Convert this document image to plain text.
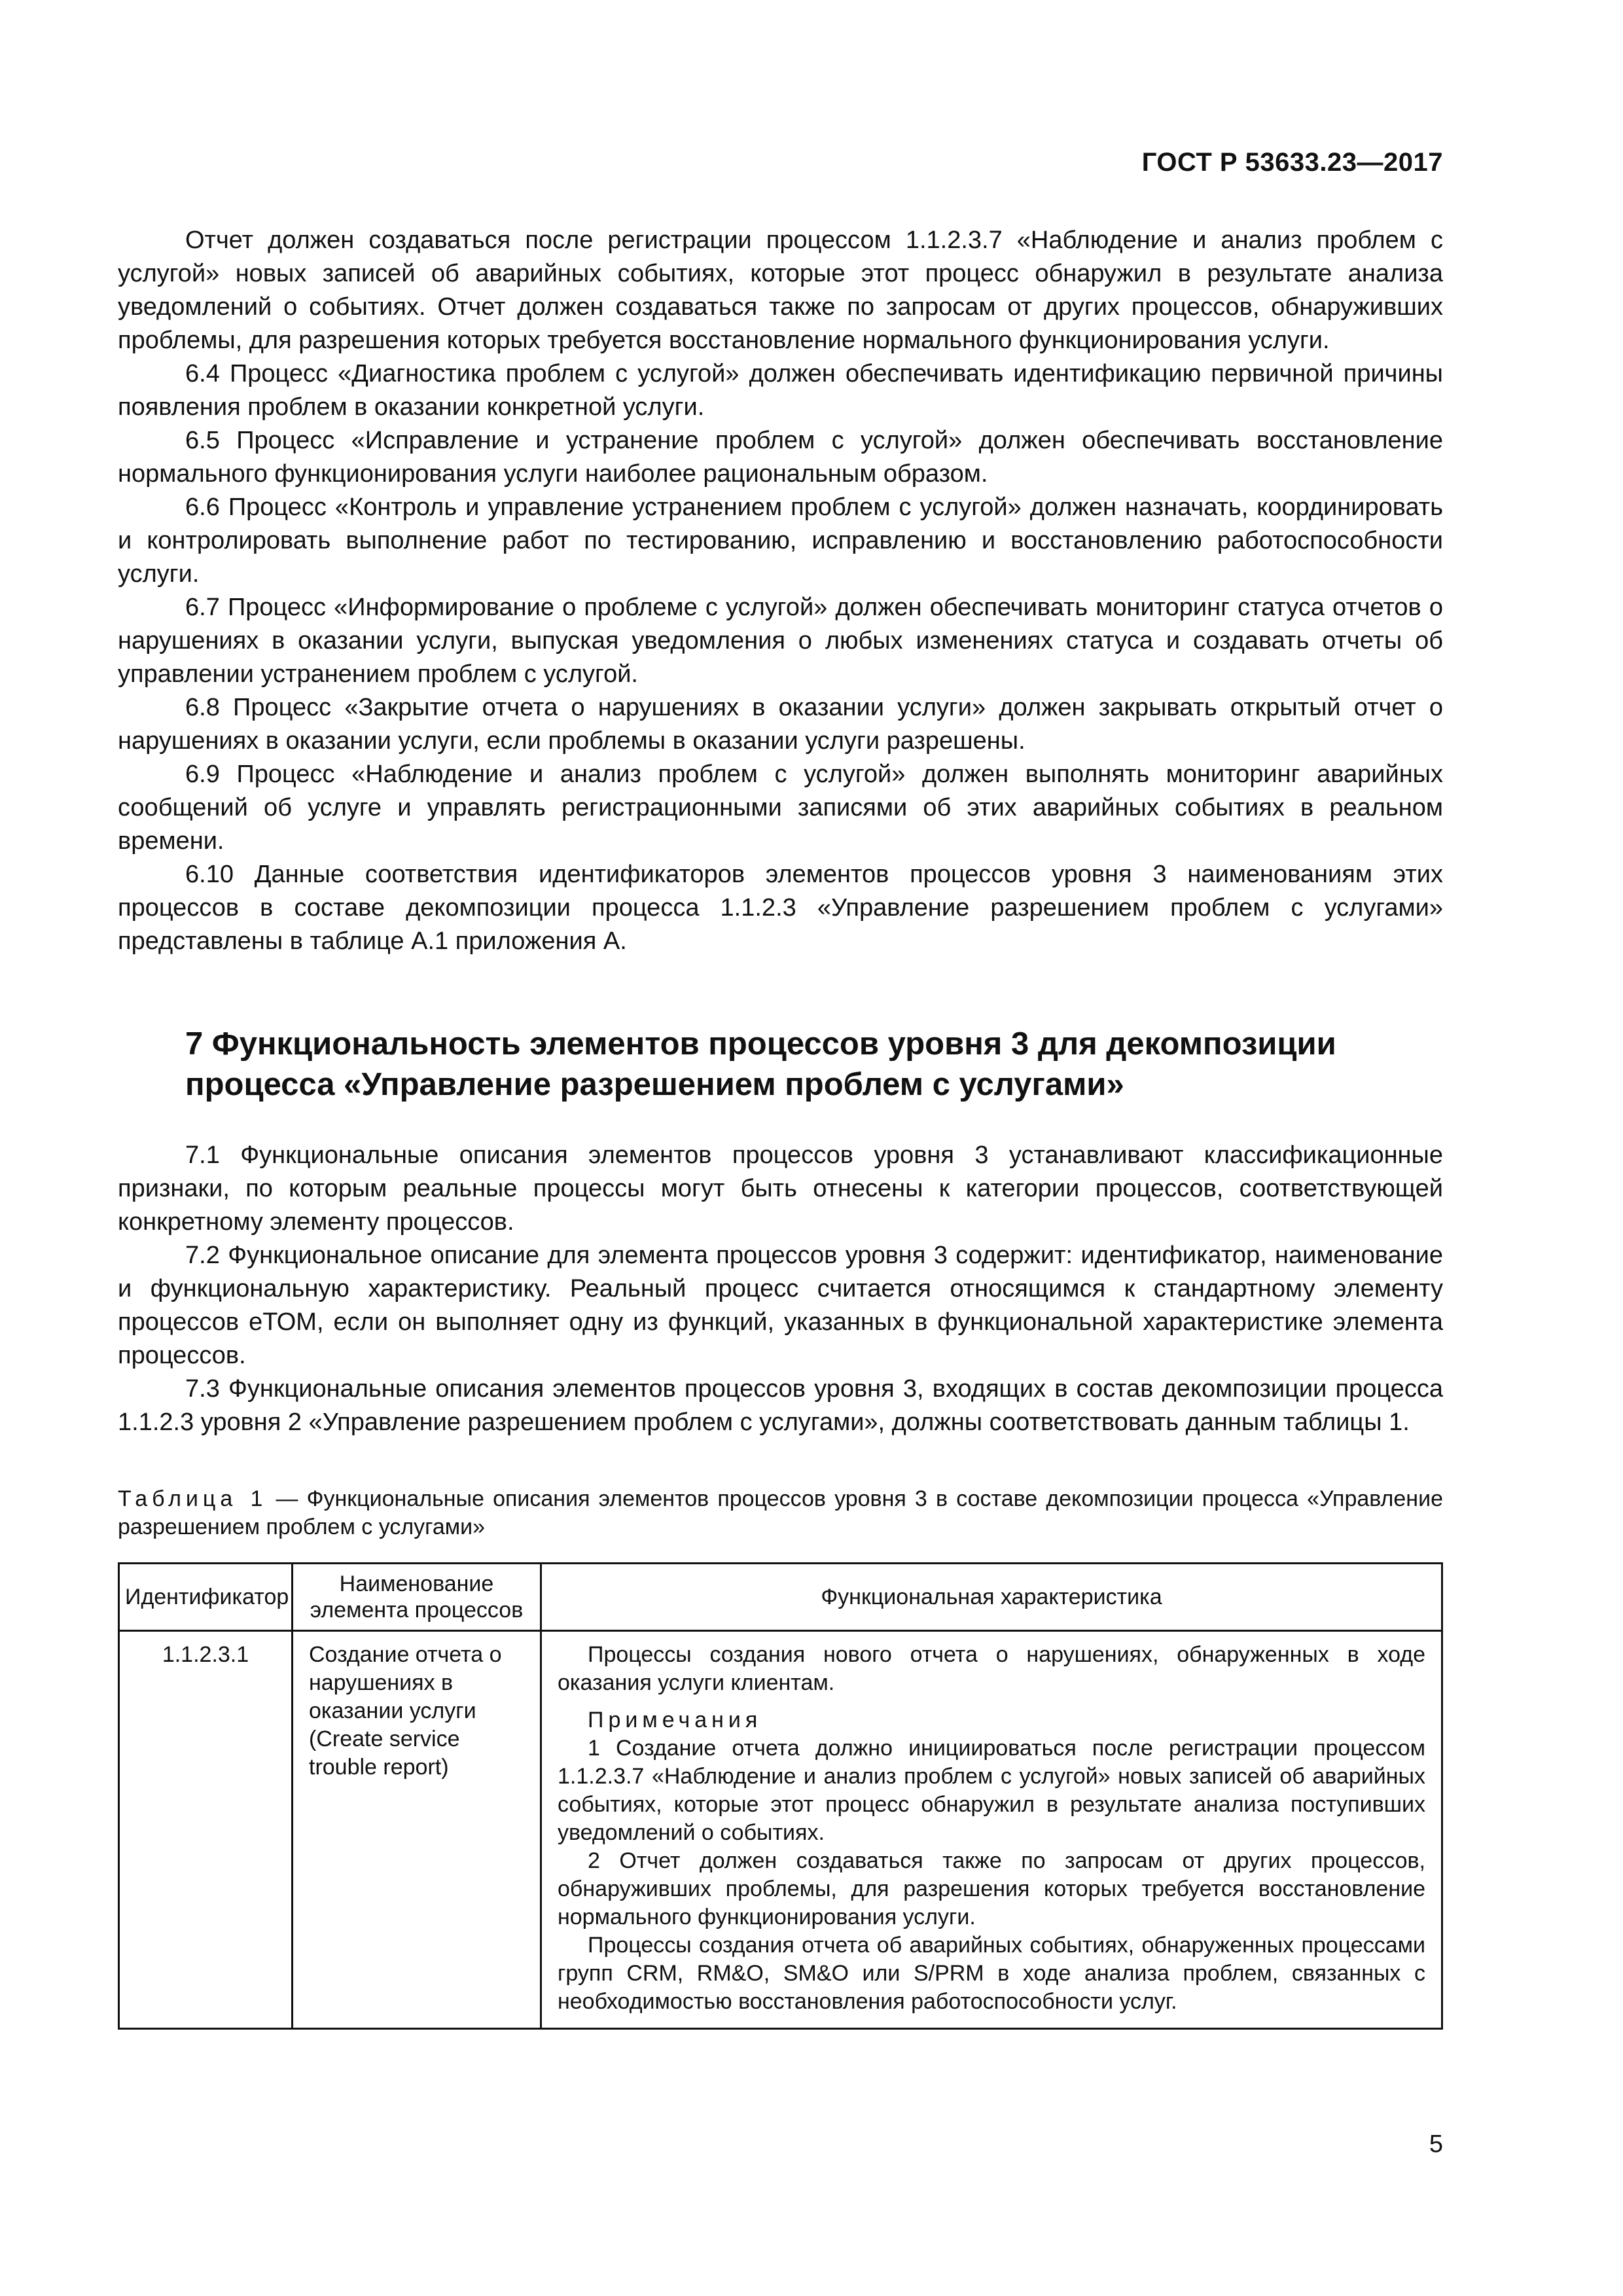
ГОСТ Р 53633.23—2017

Отчет должен создаваться после регистрации процессом 1.1.2.3.7 «Наблюдение и анализ проблем с услугой» новых записей об аварийных событиях, которые этот процесс обнаружил в результате анализа уведомлений о событиях. Отчет должен создаваться также по запросам от других процессов, обнаруживших проблемы, для разрешения которых требуется восстановление нормального функционирования услуги.

6.4 Процесс «Диагностика проблем с услугой» должен обеспечивать идентификацию первичной причины появления проблем в оказании конкретной услуги.

6.5 Процесс «Исправление и устранение проблем с услугой» должен обеспечивать восстановление нормального функционирования услуги наиболее рациональным образом.

6.6 Процесс «Контроль и управление устранением проблем с услугой» должен назначать, координировать и контролировать выполнение работ по тестированию, исправлению и восстановлению работоспособности услуги.

6.7 Процесс «Информирование о проблеме с услугой» должен обеспечивать мониторинг статуса отчетов о нарушениях в оказании услуги, выпуская уведомления о любых изменениях статуса и создавать отчеты об управлении устранением проблем с услугой.

6.8 Процесс «Закрытие отчета о нарушениях в оказании услуги» должен закрывать открытый отчет о нарушениях в оказании услуги, если проблемы в оказании услуги разрешены.

6.9 Процесс «Наблюдение и анализ проблем с услугой» должен выполнять мониторинг аварийных сообщений об услуге и управлять регистрационными записями об этих аварийных событиях в реальном времени.

6.10 Данные соответствия идентификаторов элементов процессов уровня 3 наименованиям этих процессов в составе декомпозиции процесса 1.1.2.3 «Управление разрешением проблем с услугами» представлены в таблице А.1 приложения А.

7 Функциональность элементов процессов уровня 3 для декомпозиции
процесса «Управление разрешением проблем с услугами»

7.1 Функциональные описания элементов процессов уровня 3 устанавливают классификационные признаки, по которым реальные процессы могут быть отнесены к категории процессов, соответствующей конкретному элементу процессов.

7.2 Функциональное описание для элемента процессов уровня 3 содержит: идентификатор, наименование и функциональную характеристику. Реальный процесс считается относящимся к стандартному элементу процессов еТОМ, если он выполняет одну из функций, указанных в функциональной характеристике элемента процессов.

7.3 Функциональные описания элементов процессов уровня 3, входящих в состав декомпозиции процесса 1.1.2.3 уровня 2 «Управление разрешением проблем с услугами», должны соответствовать данным таблицы 1.

Таблица 1 — Функциональные описания элементов процессов уровня 3 в составе декомпозиции процесса «Управление разрешением проблем с услугами»
Идентификатор	Наименование элемента процессов	Функциональная характеристика
1.1.2.3.1	Создание отчета о нарушениях в оказании услуги (Create service trouble report)	Процессы создания нового отчета о нарушениях, обнаруженных в ходе оказания услуги клиентам.

Примечания

1 Создание отчета должно инициироваться после регистрации процессом 1.1.2.3.7 «Наблюдение и анализ проблем с услугой» новых записей об аварийных событиях, которые этот процесс обнаружил в результате анализа поступивших уведомлений о событиях.

2 Отчет должен создаваться также по запросам от других процессов, обнаруживших проблемы, для разрешения которых требуется восстановление нормального функционирования услуги.

Процессы создания отчета об аварийных событиях, обнаруженных процессами групп CRM, RM&O, SM&O или S/PRM в ходе анализа проблем, связанных с необходимостью восстановления работоспособности услуг.

5
